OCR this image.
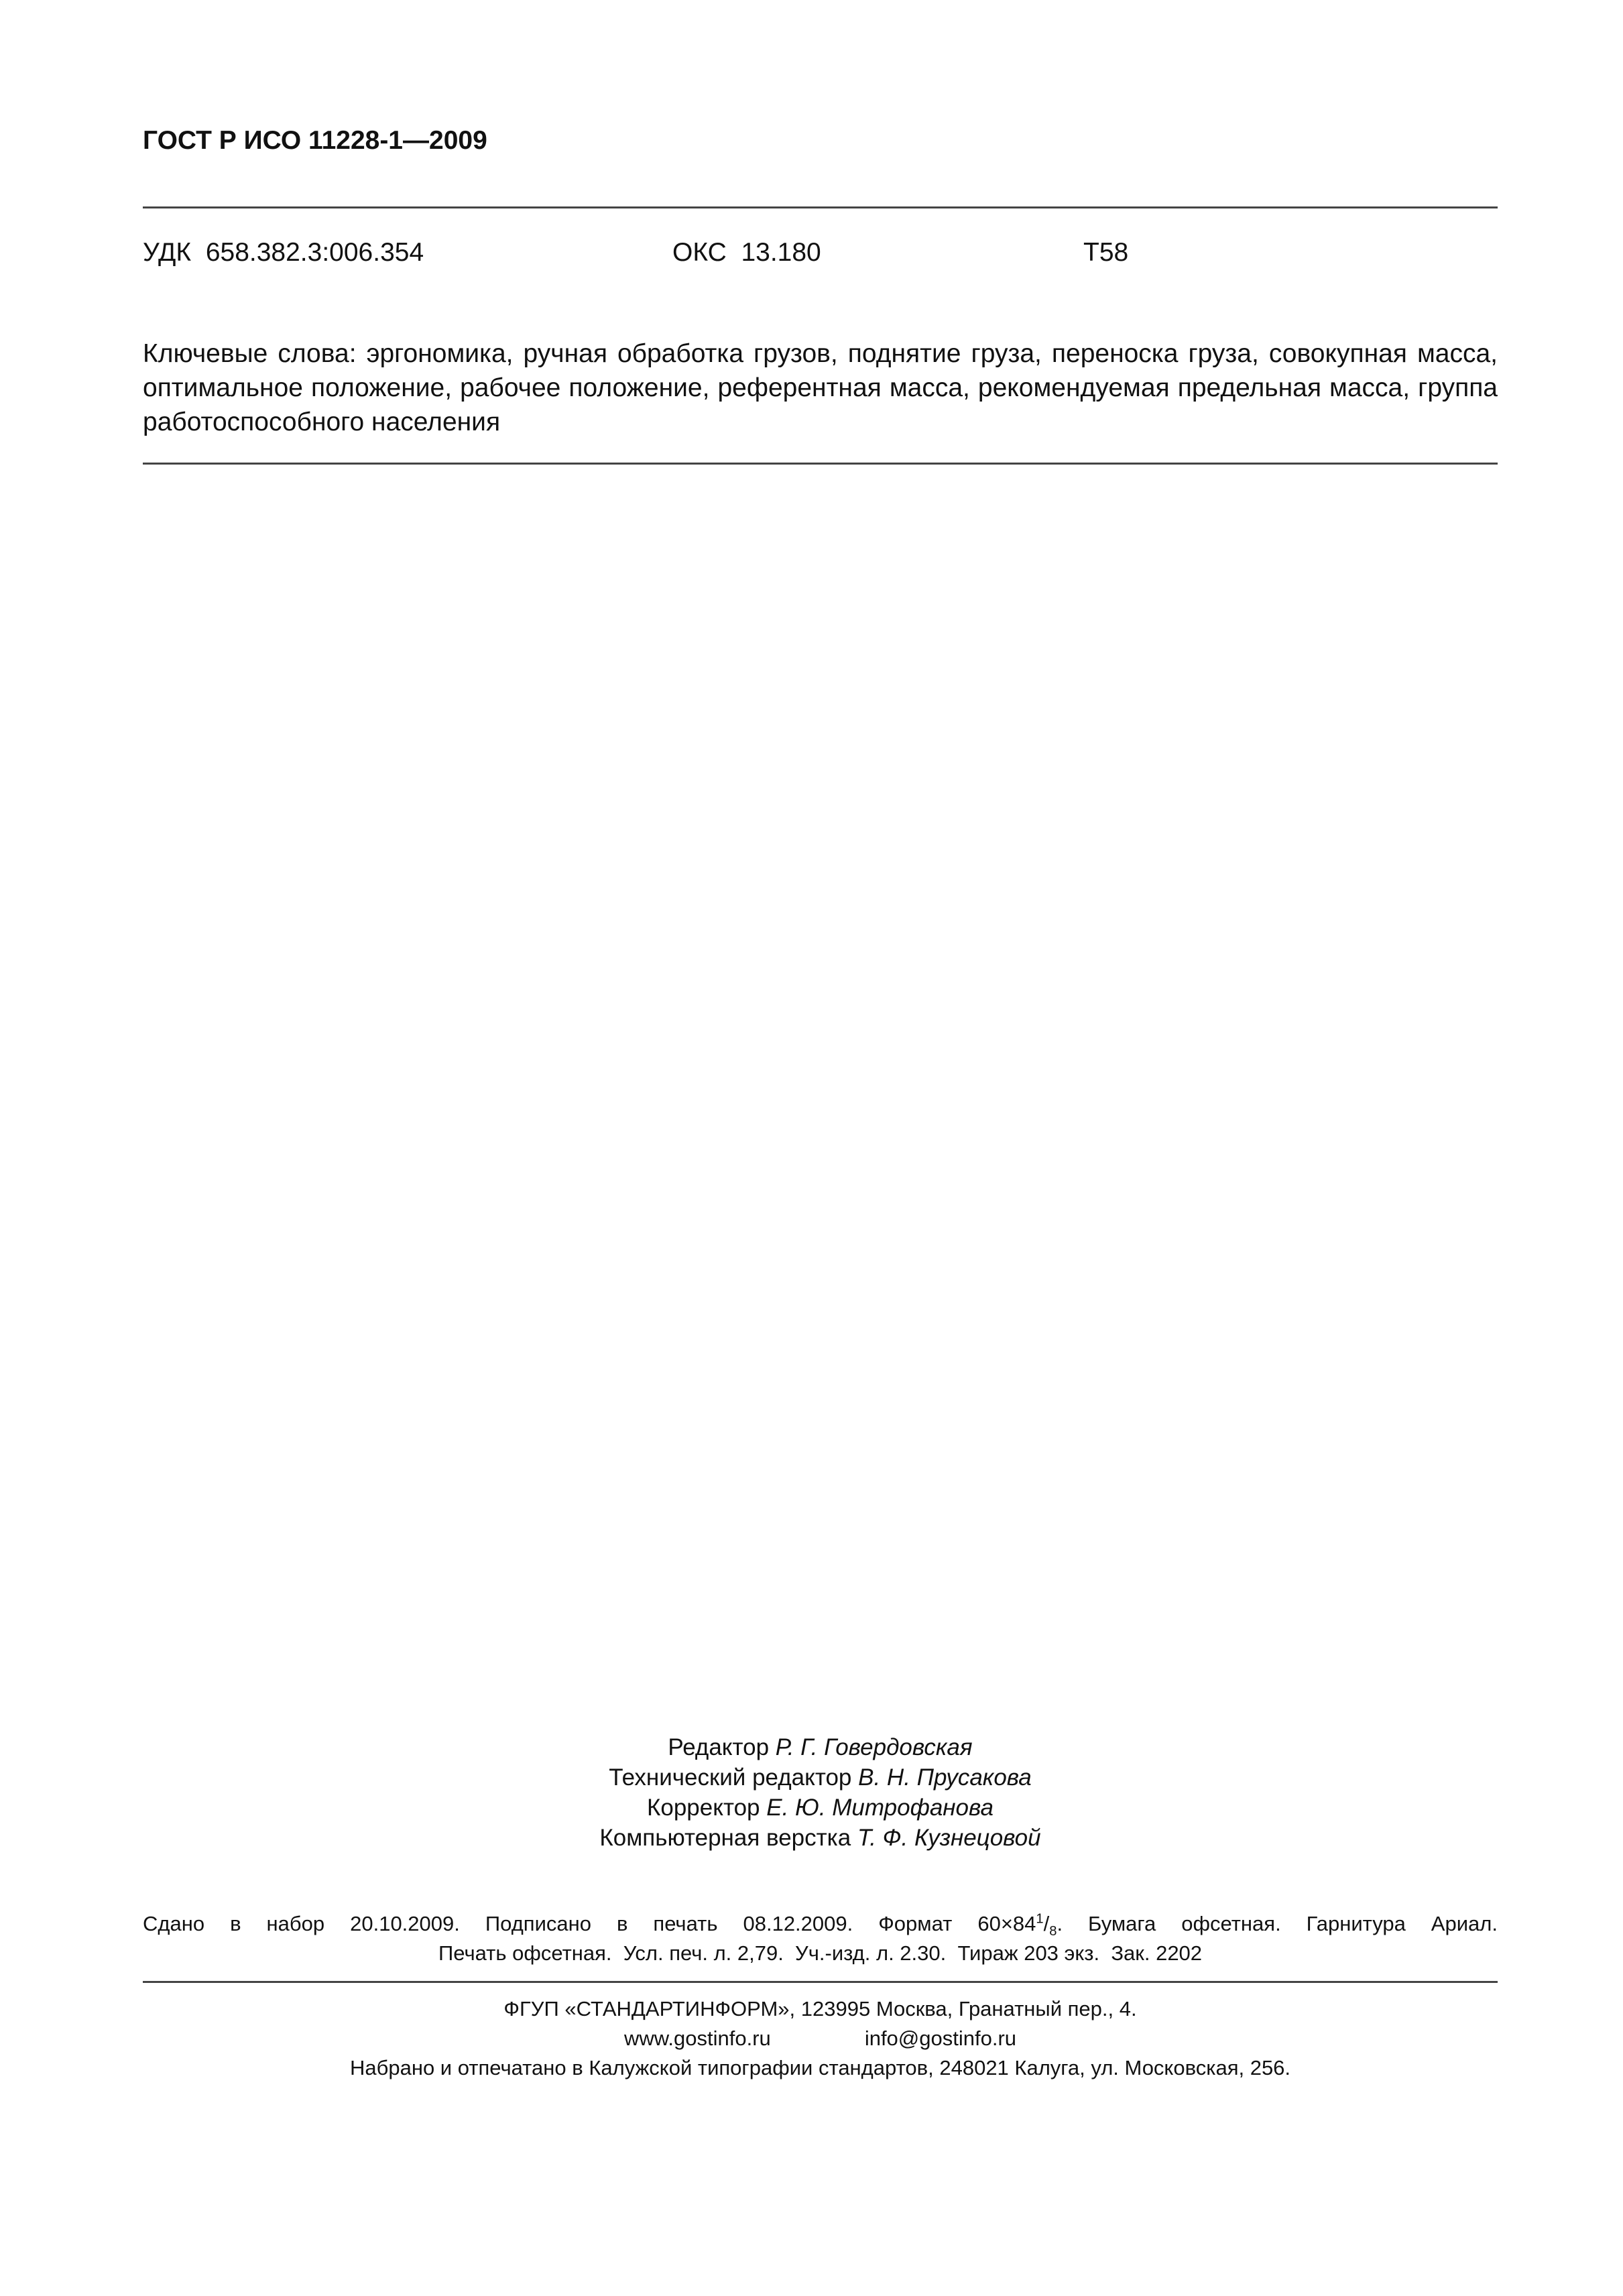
ГОСТ Р ИСО 11228-1—2009
УДК  658.382.3:006.354	ОКС  13.180	Т58
Ключевые слова: эргономика, ручная обработка грузов, поднятие груза, переноска груза, совокупная масса, оптимальное положение, рабочее положение, референтная масса, рекомендуемая предельная масса, группа работоспособного населения
Редактор Р. Г. Говердовская
Технический редактор В. Н. Прусакова
Корректор Е. Ю. Митрофанова
Компьютерная верстка Т. Ф. Кузнецовой
Сдано в набор 20.10.2009. Подписано в печать 08.12.2009. Формат $60\times 84^1/_8$. Бумага офсетная. Гарнитура Ариал.
Печать офсетная.  Усл. печ. л. 2,79.  Уч.-изд. л. 2.30.  Тираж 203 экз.  Зак. 2202
ФГУП «СТАНДАРТИНФОРМ», 123995 Москва, Гранатный пер., 4.
www.gostinfo.ru	info@gostinfo.ru
Набрано и отпечатано в Калужской типографии стандартов, 248021 Калуга, ул. Московская, 256.
